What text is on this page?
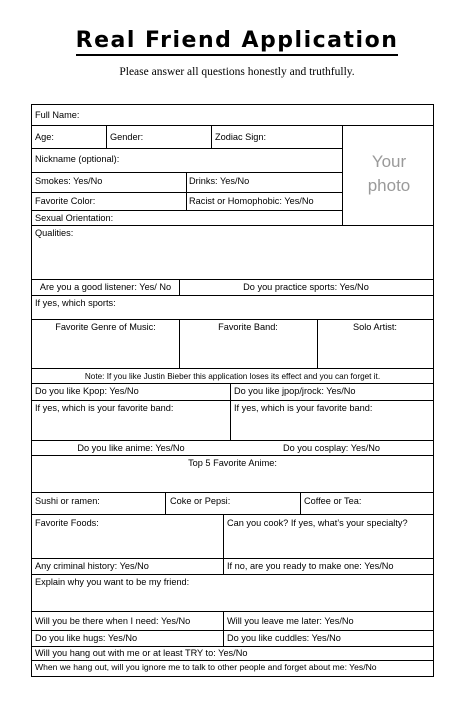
Real Friend Application
Please answer all questions honestly and truthfully.
Your
photo
Full Name:
Age:	Gender:	Zodiac Sign:
Nickname (optional):
Smokes: Yes/No	Drinks: Yes/No
Favorite Color:	Racist or Homophobic: Yes/No
Sexual Orientation:
Qualities:
Are you a good listener: Yes/ No	Do you practice sports: Yes/No
If yes, which sports:
Favorite Genre of Music:	Favorite Band:	Solo Artist:
Note: If you like Justin Bieber this application loses its effect and you can forget it.
Do you like Kpop: Yes/No	Do you like jpop/jrock: Yes/No
If yes, which is your favorite band:	If yes, which is your favorite band:
Do you like anime: Yes/No	Do you cosplay: Yes/No
Top 5 Favorite Anime:
Sushi or ramen:	Coke or Pepsi:	Coffee or Tea:
Favorite Foods:	Can you cook? If yes, what’s your specialty?
Any criminal history: Yes/No	If no, are you ready to make one: Yes/No
Explain why you want to be my friend:
Will you be there when I need: Yes/No	Will you leave me later: Yes/No
Do you like hugs: Yes/No	Do you like cuddles: Yes/No
Will you hang out with me or at least TRY to: Yes/No
When we hang out, will you ignore me to talk to other people and forget about me: Yes/No
